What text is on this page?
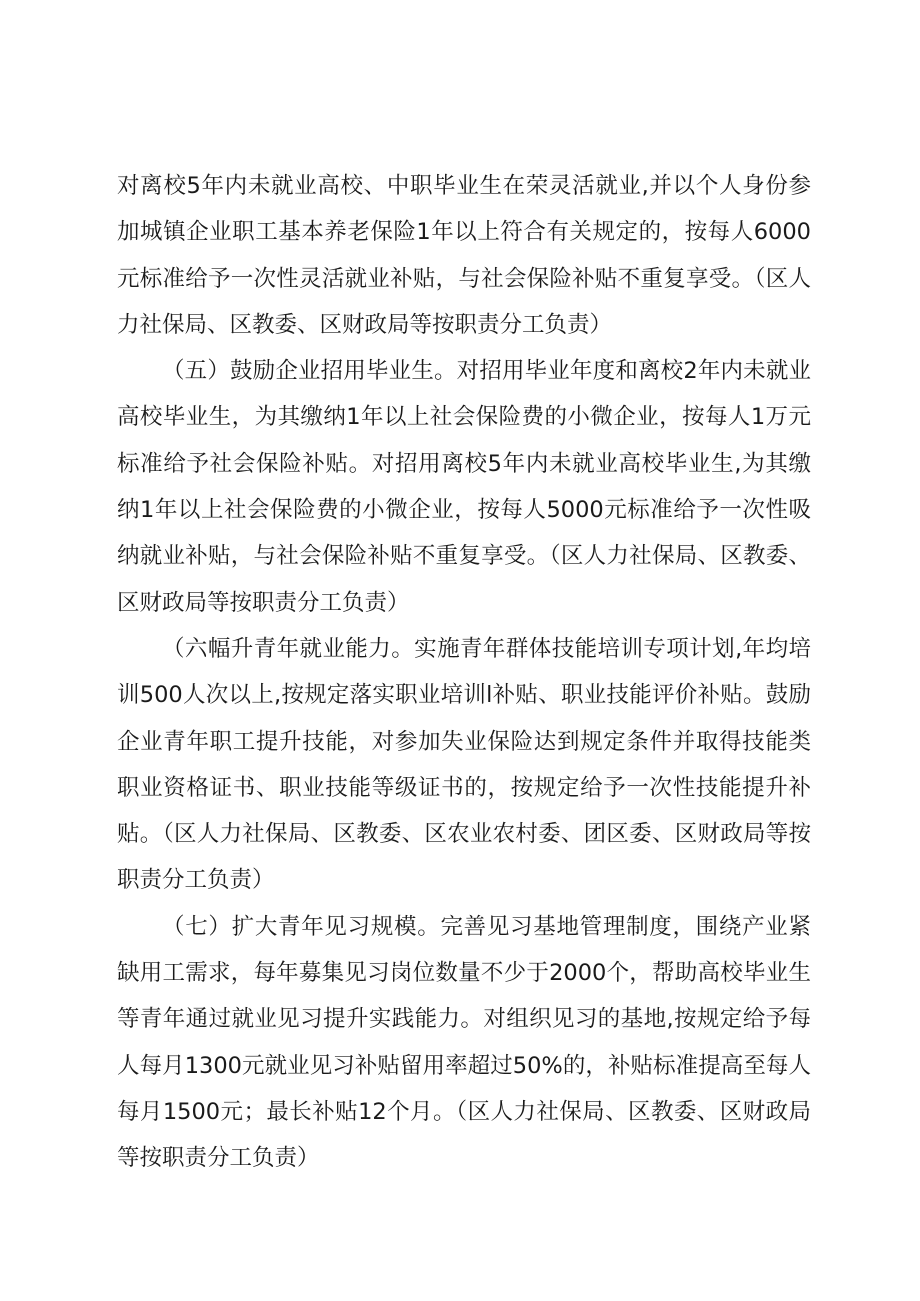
对离校5年内未就业高校、中职毕业生在荣灵活就业,并以个人身份参加城镇企业职工基本养老保险1年以上符合有关规定的，按每人6000元标准给予一次性灵活就业补贴，与社会保险补贴不重复享受。（区人力社保局、区教委、区财政局等按职责分工负责）

（五）鼓励企业招用毕业生。对招用毕业年度和离校2年内未就业高校毕业生，为其缴纳1年以上社会保险费的小微企业，按每人1万元标准给予社会保险补贴。对招用离校5年内未就业高校毕业生,为其缴纳1年以上社会保险费的小微企业，按每人5000元标准给予一次性吸纳就业补贴，与社会保险补贴不重复享受。（区人力社保局、区教委、区财政局等按职责分工负责）

（六幅升青年就业能力。实施青年群体技能培训专项计划,年均培训500人次以上,按规定落实职业培训l补贴、职业技能评价补贴。鼓励企业青年职工提升技能，对参加失业保险达到规定条件并取得技能类职业资格证书、职业技能等级证书的，按规定给予一次性技能提升补贴。（区人力社保局、区教委、区农业农村委、团区委、区财政局等按职责分工负责）

（七）扩大青年见习规模。完善见习基地管理制度，围绕产业紧缺用工需求，每年募集见习岗位数量不少于2000个，帮助高校毕业生等青年通过就业见习提升实践能力。对组织见习的基地,按规定给予每人每月1300元就业见习补贴留用率超过50%的，补贴标准提高至每人每月1500元；最长补贴12个月。（区人力社保局、区教委、区财政局等按职责分工负责）
